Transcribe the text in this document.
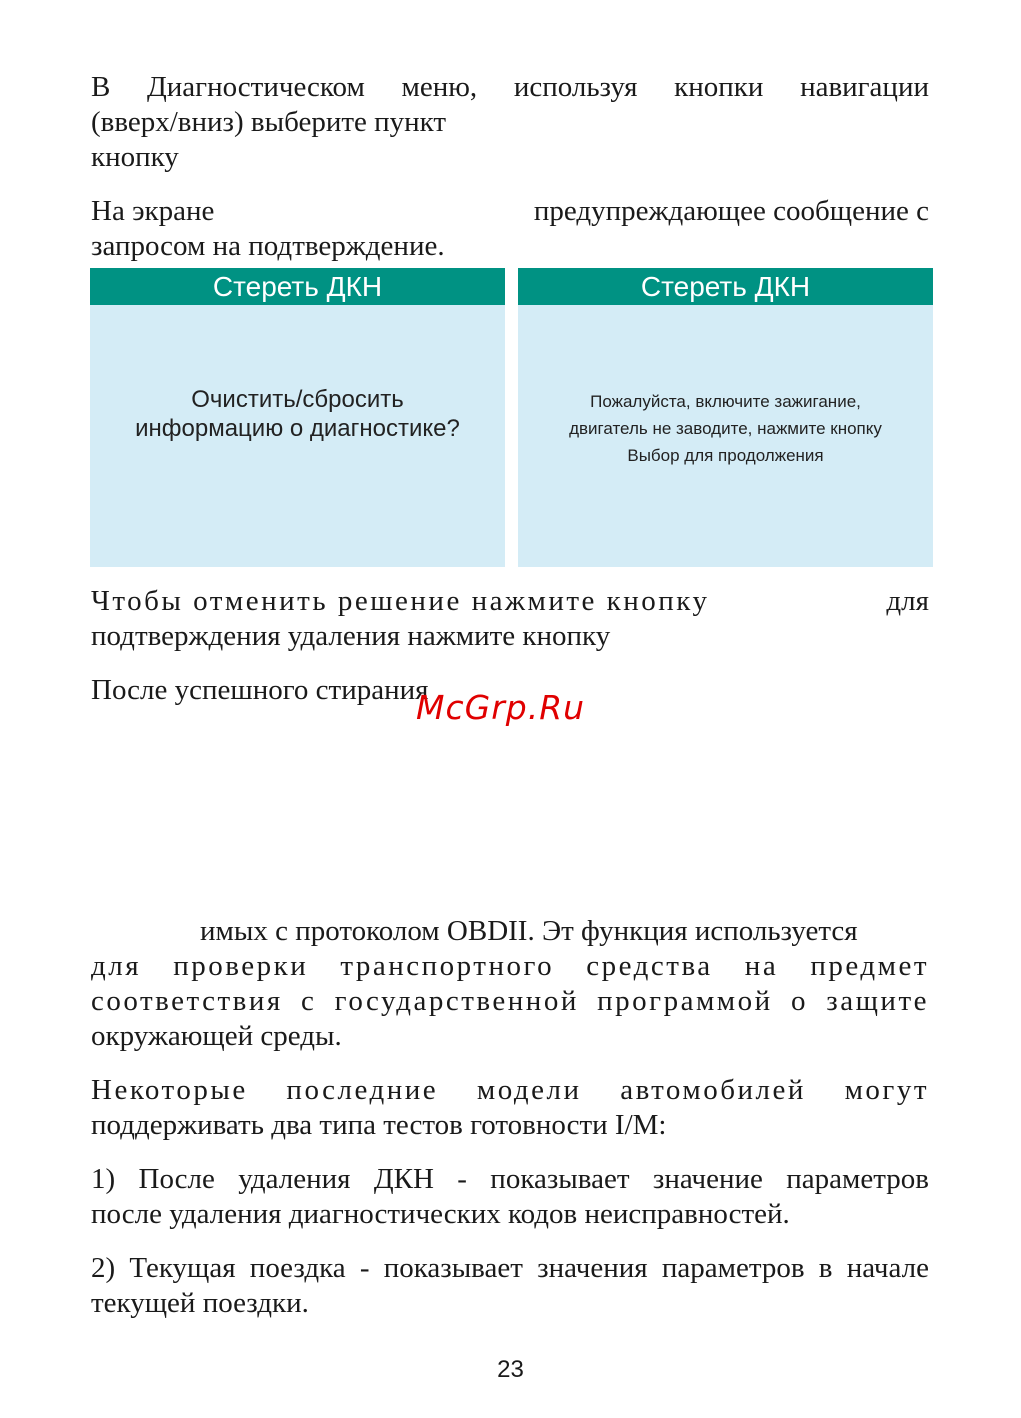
В Диагностическом меню, используя кнопки навигации
(вверх/вниз) выберите пункт
кнопку
На экране	предупреждающее сообщение с
запросом на подтверждение.
Стереть ДКН
Очистить/сбросить
информацию о диагностике?
Стереть ДКН
Пожалуйста, включите зажигание,
двигатель не заводите, нажмите кнопку
Выбор для продолжения
Чтобы отменить решение нажмите кнопку	для
подтверждения удаления нажмите кнопку
После успешного стирания
McGrp.Ru
имых с протоколом OBDII. Эт функция используется
для проверки транспортного средства на предмет
соответствия с государственной программой о защите
окружающей среды.
Некоторые последние модели автомобилей могут
поддерживать два типа тестов готовности I/M:
1) После удаления ДКН - показывает значение параметров
после удаления диагностических кодов неисправностей.
2) Текущая поездка - показывает значения параметров в начале
текущей поездки.
23
